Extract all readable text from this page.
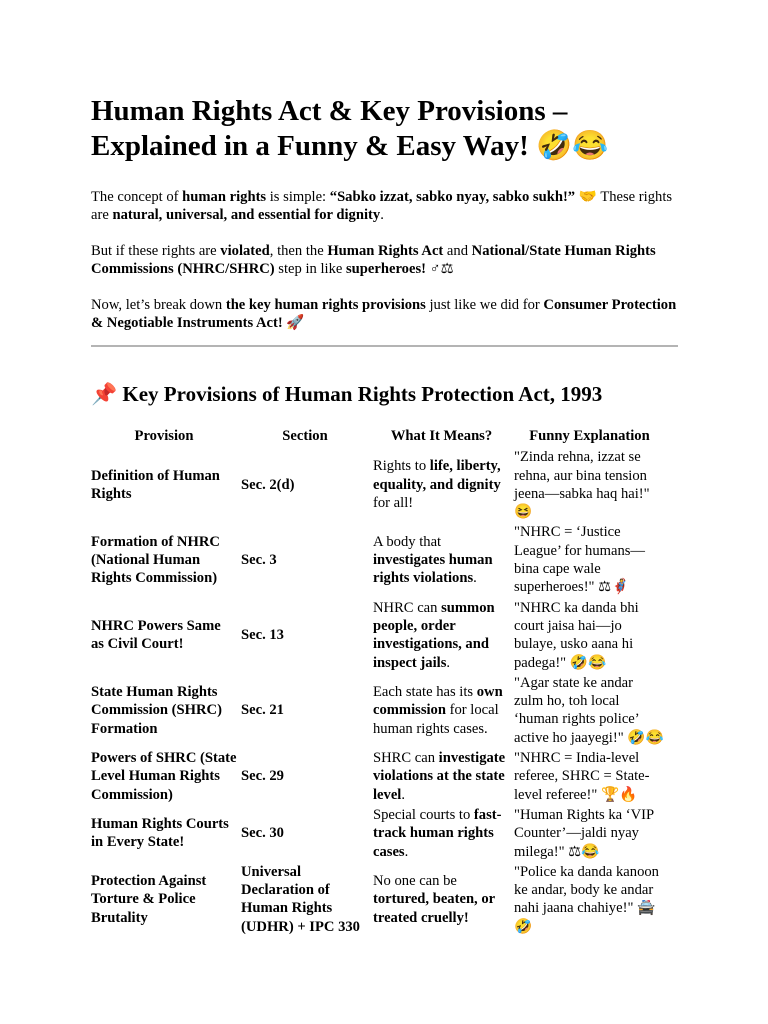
Human Rights Act & Key Provisions –
Explained in a Funny & Easy Way! 🤣😂

The concept of human rights is simple: “Sabko izzat, sabko nyay, sabko sukh!” 🤝 These rights are natural, universal, and essential for dignity.

But if these rights are violated, then the Human Rights Act and National/State Human Rights Commissions (NHRC/SHRC) step in like superheroes! ♂⚖

Now, let’s break down the key human rights provisions just like we did for Consumer Protection & Negotiable Instruments Act! 🚀

📌 Key Provisions of Human Rights Protection Act, 1993
Provision	Section	What It Means?	Funny Explanation
Definition of Human Rights	Sec. 2(d)	Rights to life, liberty, equality, and dignity for all!	"Zinda rehna, izzat se rehna, aur bina tension jeena—sabka haq hai!" 😆
Formation of NHRC (National Human Rights Commission)	Sec. 3	A body that investigates human rights violations.	"NHRC = ‘Justice League’ for humans—bina cape wale superheroes!" ⚖🦸
NHRC Powers Same as Civil Court!	Sec. 13	NHRC can summon people, order investigations, and inspect jails.	"NHRC ka danda bhi court jaisa hai—jo bulaye, usko aana hi padega!" 🤣😂
State Human Rights Commission (SHRC) Formation	Sec. 21	Each state has its own commission for local human rights cases.	"Agar state ke andar zulm ho, toh local ‘human rights police’ active ho jaayegi!" 🤣😂
Powers of SHRC (State Level Human Rights Commission)	Sec. 29	SHRC can investigate violations at the state level.	"NHRC = India-level referee, SHRC = State-level referee!" 🏆🔥
Human Rights Courts in Every State!	Sec. 30	Special courts to fast-track human rights cases.	"Human Rights ka ‘VIP Counter’—jaldi nyay milega!" ⚖😂
Protection Against Torture & Police Brutality	Universal Declaration of Human Rights (UDHR) + IPC 330	No one can be tortured, beaten, or treated cruelly!	"Police ka danda kanoon ke andar, body ke andar nahi jaana chahiye!" 🚔🤣
